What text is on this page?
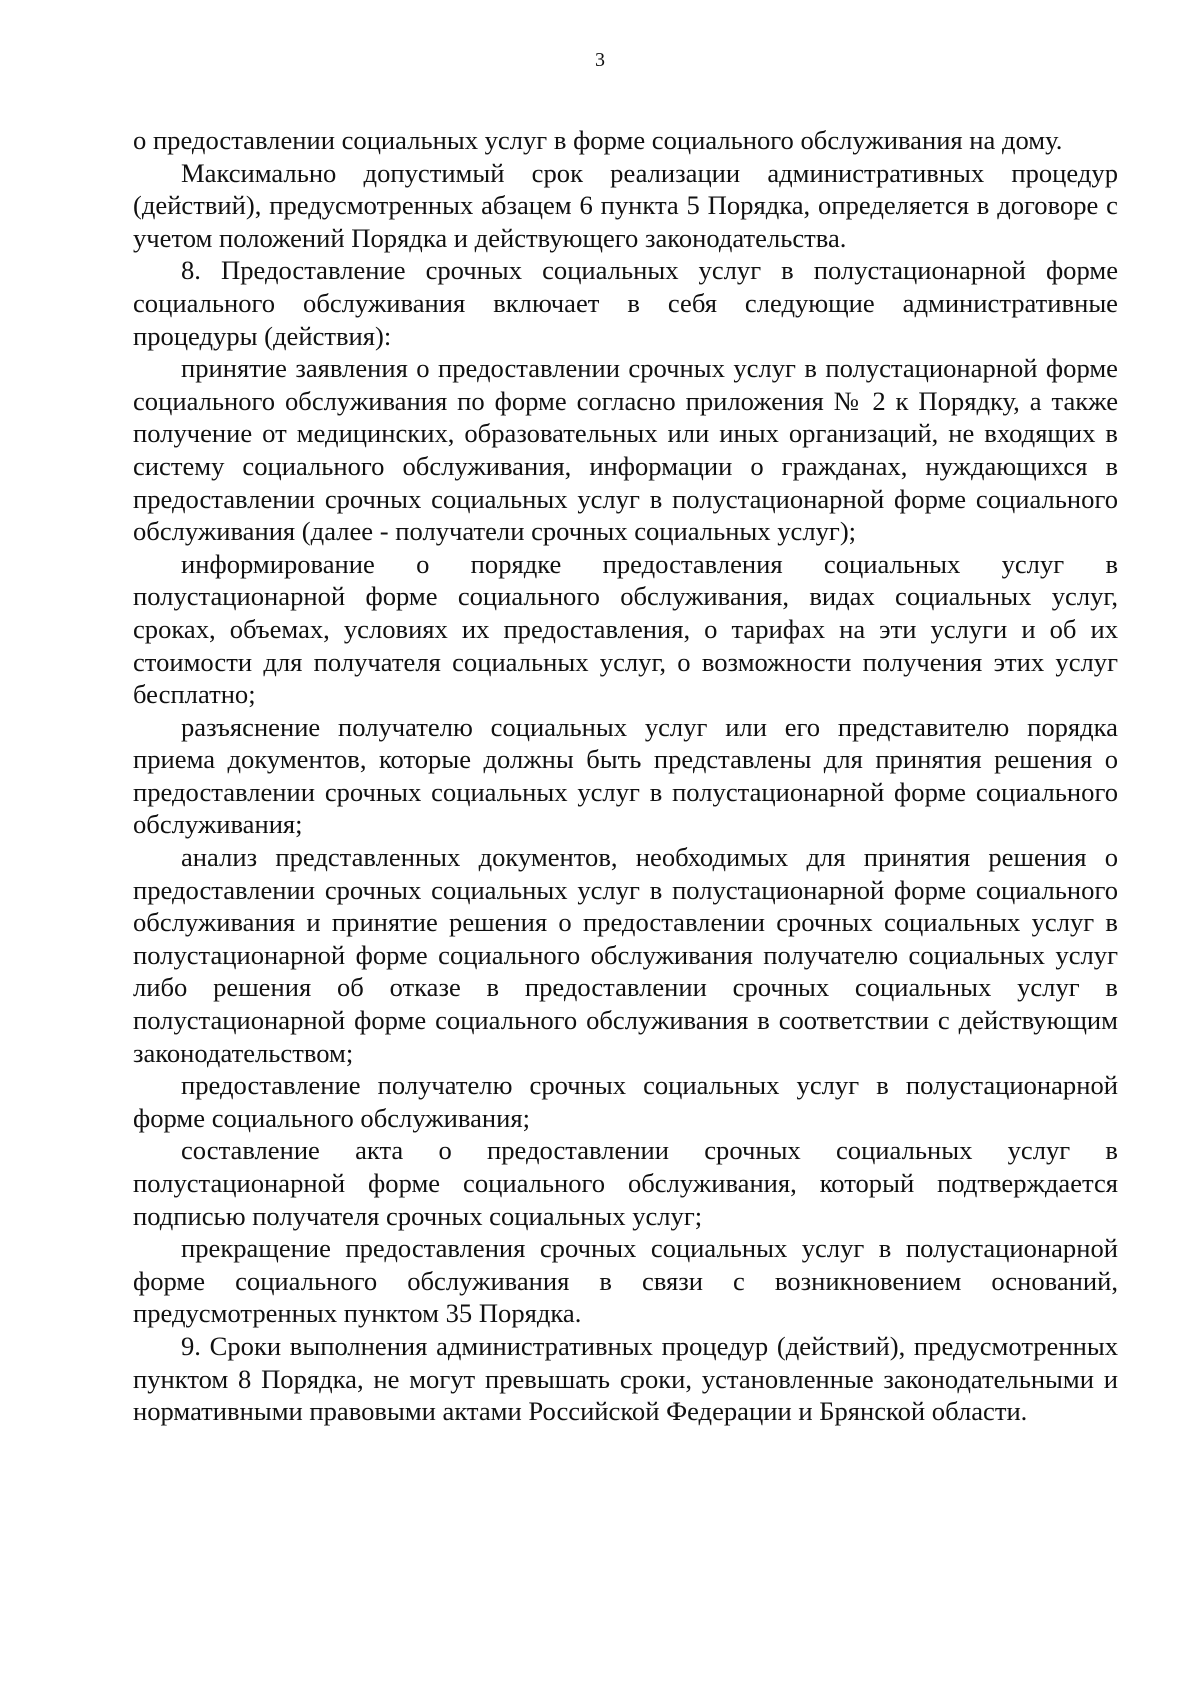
3

о предоставлении социальных услуг в форме социального обслуживания на дому.

Максимально допустимый срок реализации административных процедур (действий), предусмотренных абзацем 6 пункта 5 Порядка, определяется в договоре с учетом положений Порядка и действующего законодательства.

8. Предоставление срочных социальных услуг в полустационарной форме социального обслуживания включает в себя следующие административные процедуры (действия):

принятие заявления о предоставлении срочных услуг в полустационарной форме социального обслуживания по форме согласно приложения № 2 к Порядку, а также получение от медицинских, образовательных или иных организаций, не входящих в систему социального обслуживания, информации о гражданах, нуждающихся в предоставлении срочных социальных услуг в полустационарной форме социального обслуживания (далее - получатели срочных социальных услуг);

информирование о порядке предоставления социальных услуг в полустационарной форме социального обслуживания, видах социальных услуг, сроках, объемах, условиях их предоставления, о тарифах на эти услуги и об их стоимости для получателя социальных услуг, о возможности получения этих услуг бесплатно;

разъяснение получателю социальных услуг или его представителю порядка приема документов, которые должны быть представлены для принятия решения о предоставлении срочных социальных услуг в полустационарной форме социального обслуживания;

анализ представленных документов, необходимых для принятия решения о предоставлении срочных социальных услуг в полустационарной форме социального обслуживания и принятие решения о предоставлении срочных социальных услуг в полустационарной форме социального обслуживания получателю социальных услуг либо решения об отказе в предоставлении срочных социальных услуг в полустационарной форме социального обслуживания в соответствии с действующим законодательством;

предоставление получателю срочных социальных услуг в полустационарной форме социального обслуживания;

составление акта о предоставлении срочных социальных услуг в полустационарной форме социального обслуживания, который подтверждается подписью получателя срочных социальных услуг;

прекращение предоставления срочных социальных услуг в полустационарной форме социального обслуживания в связи с возникновением оснований, предусмотренных пунктом 35 Порядка.

9. Сроки выполнения административных процедур (действий), предусмотренных пунктом 8 Порядка, не могут превышать сроки, установленные законодательными и нормативными правовыми актами Российской Федерации и Брянской области.
